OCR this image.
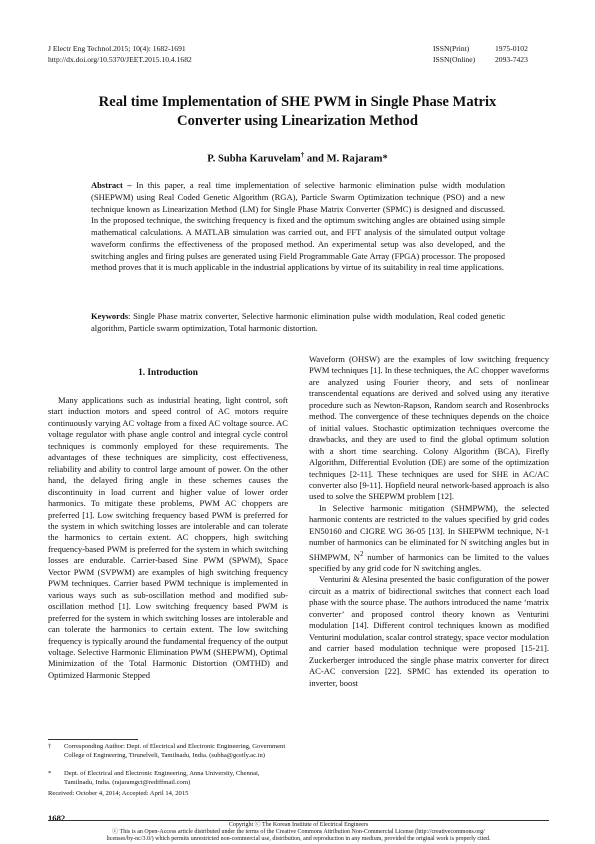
J Electr Eng Technol.2015; 10(4): 1682-1691
http://dx.doi.org/10.5370/JEET.2015.10.4.1682
ISSN(Print)	1975-0102
ISSN(Online)	2093-7423
Real time Implementation of SHE PWM in Single Phase Matrix
Converter using Linearization Method
P. Subha Karuvelam† and M. Rajaram*
Abstract – In this paper, a real time implementation of selective harmonic elimination pulse width modulation (SHEPWM) using Real Coded Genetic Algorithm (RGA), Particle Swarm Optimization technique (PSO) and a new technique known as Linearization Method (LM) for Single Phase Matrix Converter (SPMC) is designed and discussed. In the proposed technique, the switching frequency is fixed and the optimum switching angles are obtained using simple mathematical calculations. A MATLAB simulation was carried out, and FFT analysis of the simulated output voltage waveform confirms the effectiveness of the proposed method. An experimental setup was also developed, and the switching angles and firing pulses are generated using Field Programmable Gate Array (FPGA) processor. The proposed method proves that it is much applicable in the industrial applications by virtue of its suitability in real time applications.
Keywords: Single Phase matrix converter, Selective harmonic elimination pulse width modulation, Real coded genetic algorithm, Particle swarm optimization, Total harmonic distortion.
1. Introduction

Many applications such as industrial heating, light control, soft start induction motors and speed control of AC motors require continuously varying AC voltage from a fixed AC voltage source. AC voltage regulator with phase angle control and integral cycle control techniques is commonly employed for these requirements. The advantages of these techniques are simplicity, cost effectiveness, reliability and ability to control large amount of power. On the other hand, the delayed firing angle in these schemes causes the discontinuity in load current and higher value of lower order harmonics. To mitigate these problems, PWM AC choppers are preferred [1]. Low switching frequency based PWM is preferred for the system in which switching losses are intolerable and can tolerate the harmonics to certain extent. AC choppers, high switching frequency-based PWM is preferred for the system in which switching losses are endurable. Carrier-based Sine PWM (SPWM), Space Vector PWM (SVPWM) are examples of high switching frequency PWM techniques. Carrier based PWM technique is implemented in various ways such as sub-oscillation method and modified sub-oscillation method [1]. Low switching frequency based PWM is preferred for the system in which switching losses are intolerable and can tolerate the harmonics to certain extent. The low switching frequency is typically around the fundamental frequency of the output voltage. Selective Harmonic Elimination PWM (SHEPWM), Optimal Minimization of the Total Harmonic Distortion (OMTHD) and Optimized Harmonic Stepped

Waveform (OHSW) are the examples of low switching frequency PWM techniques [1]. In these techniques, the AC chopper waveforms are analyzed using Fourier theory, and sets of nonlinear transcendental equations are derived and solved using any iterative procedure such as Newton-Rapson, Random search and Rosenbrocks method. The convergence of these techniques depends on the choice of initial values. Stochastic optimization techniques overcome the drawbacks, and they are used to find the global optimum solution with a short time searching. Colony Algorithm (BCA), Firefly Algorithm, Differential Evolution (DE) are some of the optimization techniques [2-11]. These techniques are used for SHE in AC/AC converter also [9-11]. Hopfield neural network-based approach is also used to solve the SHEPWM problem [12].

In Selective harmonic mitigation (SHMPWM), the selected harmonic contents are restricted to the values specified by grid codes EN50160 and CIGRE WG 36-05 [13]. In SHEPWM technique, N-1 number of harmonics can be eliminated for N switching angles but in SHMPWM, $N^2$ number of harmonics can be limited to the values specified by any grid code for N switching angles.

Venturini & Alesina presented the basic configuration of the power circuit as a matrix of bidirectional switches that connect each load phase with the source phase. The authors introduced the name ‘matrix converter’ and proposed control theory known as Venturini modulation [14]. Different control techniques known as modified Venturini modulation, scalar control strategy, space vector modulation and carrier based modulation technique were proposed [15-21]. Zuckerberger introduced the single phase matrix converter for direct AC-AC conversion [22]. SPMC has extended its operation to inverter, boost

† Corresponding Author: Dept. of Electrical and Electronic Engineering, Government College of Engineering, Tirunelveli, Tamilnadu, India. (subha@gcetly.ac.in)
* Dept. of Electrical and Electronic Engineering, Anna University, Chennai, Tamilnadu, India. (rajaramgct@rediffmail.com)
Received: October 4, 2014; Accepted: April 14, 2015
1682
Copyright ⓒ The Korean Institute of Electrical Engineers
ⓒ This is an Open-Access article distributed under the terms of the Creative Commons Attribution Non-Commercial License (http://creativecommons.org/
licenses/by-nc/3.0/) which permits unrestricted non-commercial use, distribution, and reproduction in any medium, provided the original work is properly cited.
